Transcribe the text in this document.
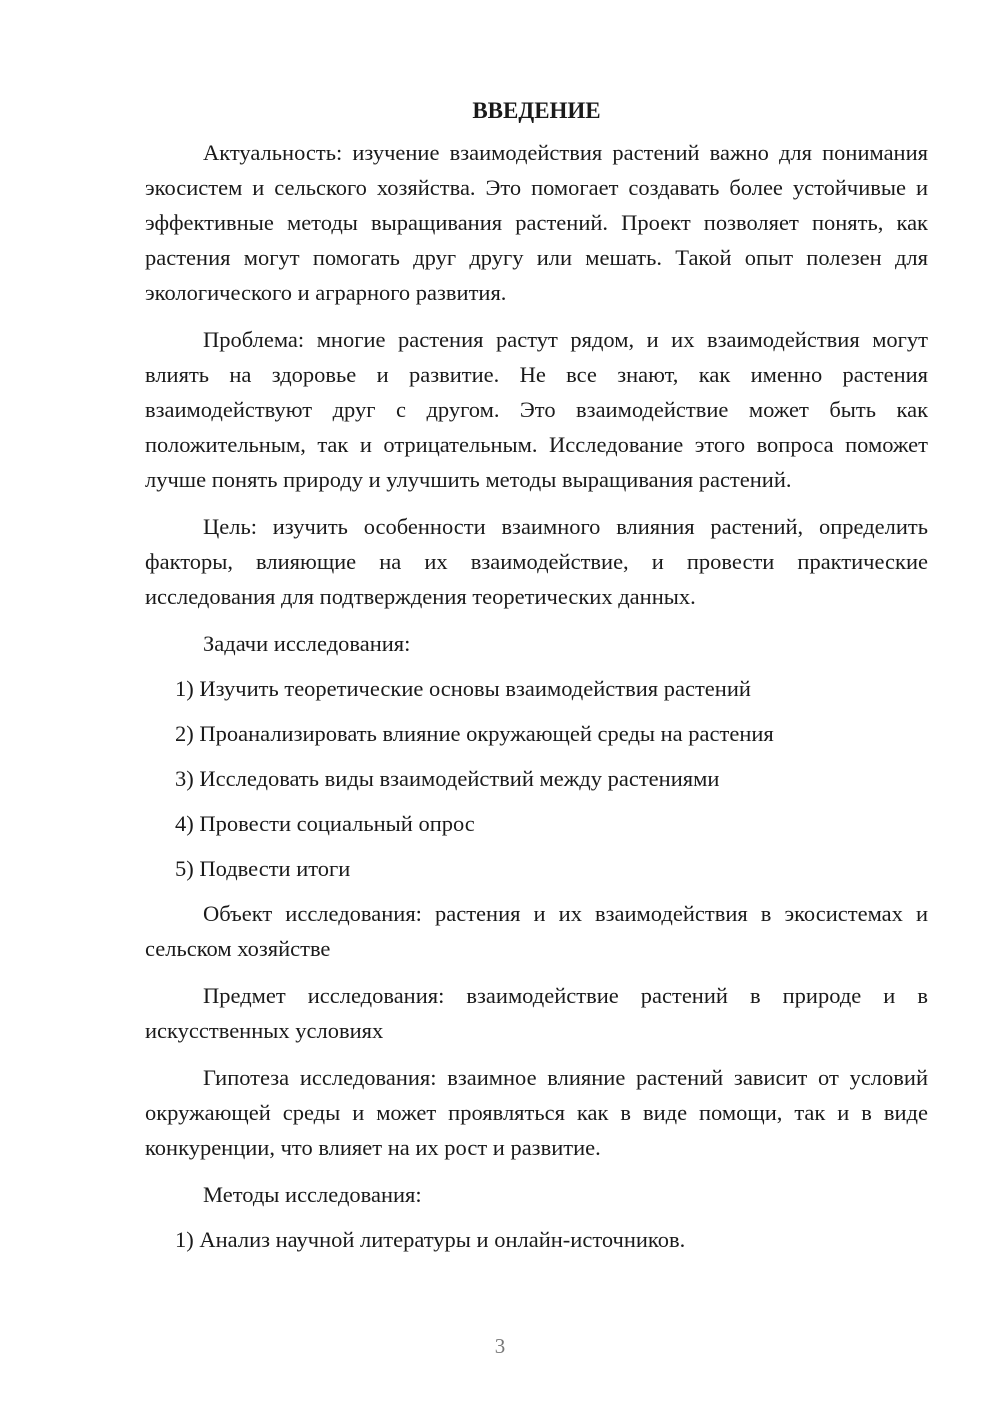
ВВЕДЕНИЕ

Актуальность: изучение взаимодействия растений важно для понимания экосистем и сельского хозяйства. Это помогает создавать более устойчивые и эффективные методы выращивания растений. Проект позволяет понять, как растения могут помогать друг другу или мешать. Такой опыт полезен для экологического и аграрного развития.

Проблема: многие растения растут рядом, и их взаимодействия могут влиять на здоровье и развитие. Не все знают, как именно растения взаимодействуют друг с другом. Это взаимодействие может быть как положительным, так и отрицательным. Исследование этого вопроса поможет лучше понять природу и улучшить методы выращивания растений.

Цель: изучить особенности взаимного влияния растений, определить факторы, влияющие на их взаимодействие, и провести практические исследования для подтверждения теоретических данных.

Задачи исследования:

1) Изучить теоретические основы взаимодействия растений

2) Проанализировать влияние окружающей среды на растения

3) Исследовать виды взаимодействий между растениями

4) Провести социальный опрос

5) Подвести итоги

Объект исследования: растения и их взаимодействия в экосистемах и сельском хозяйстве

Предмет исследования: взаимодействие растений в природе и в искусственных условиях

Гипотеза исследования: взаимное влияние растений зависит от условий окружающей среды и может проявляться как в виде помощи, так и в виде конкуренции, что влияет на их рост и развитие.

Методы исследования:

1) Анализ научной литературы и онлайн-источников.

3
